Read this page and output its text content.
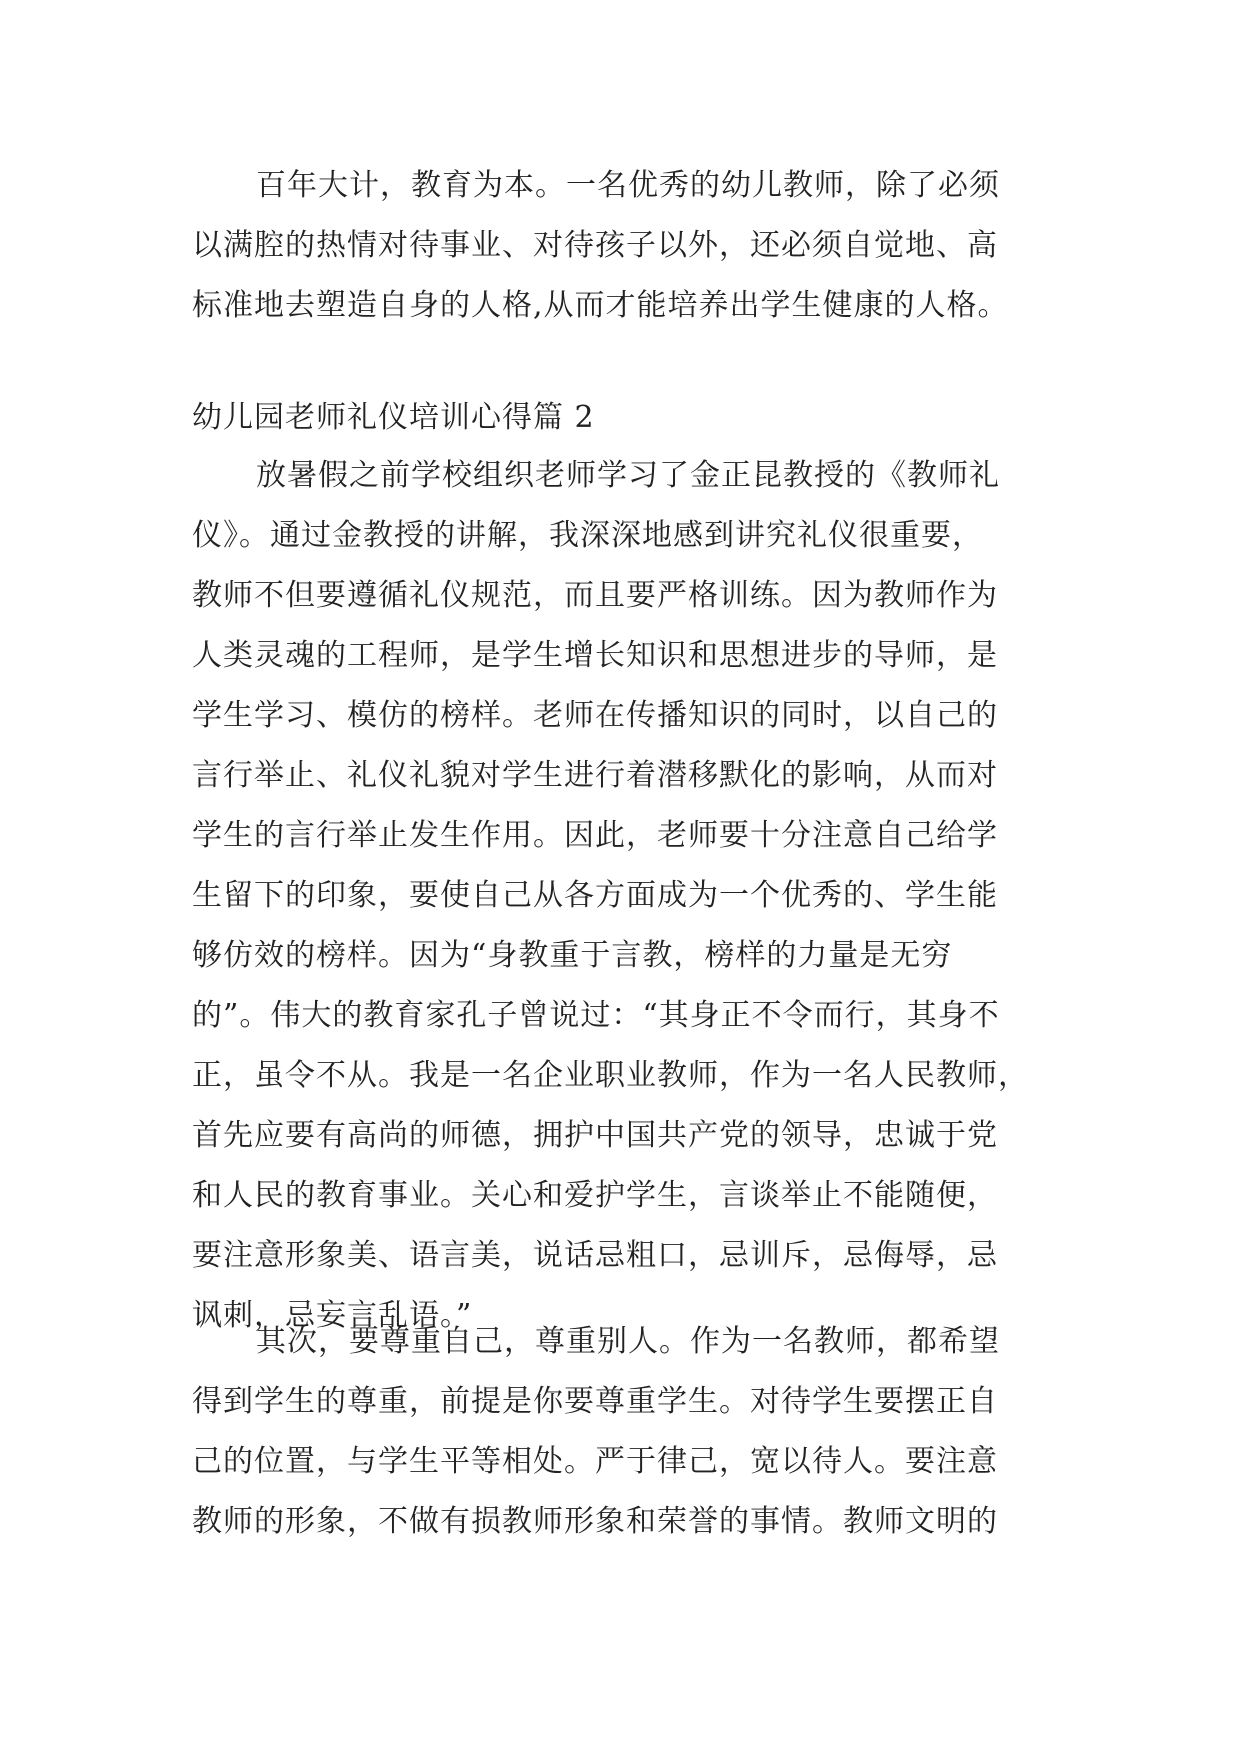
百年大计，教育为本。一名优秀的幼儿教师，除了必须
以满腔的热情对待事业、对待孩子以外，还必须自觉地、高
标准地去塑造自身的人格,从而才能培养出学生健康的人格。
幼儿园老师礼仪培训心得篇 2
放暑假之前学校组织老师学习了金正昆教授的《教师礼
仪》。通过金教授的讲解，我深深地感到讲究礼仪很重要，
教师不但要遵循礼仪规范，而且要严格训练。因为教师作为
人类灵魂的工程师，是学生增长知识和思想进步的导师，是
学生学习、模仿的榜样。老师在传播知识的同时，以自己的
言行举止、礼仪礼貌对学生进行着潜移默化的影响，从而对
学生的言行举止发生作用。因此，老师要十分注意自己给学
生留下的印象，要使自己从各方面成为一个优秀的、学生能
够仿效的榜样。因为“身教重于言教，榜样的力量是无穷
的”。伟大的教育家孔子曾说过：“其身正不令而行，其身不
正，虽令不从。我是一名企业职业教师，作为一名人民教师，
首先应要有高尚的师德，拥护中国共产党的领导，忠诚于党
和人民的教育事业。关心和爱护学生，言谈举止不能随便，
要注意形象美、语言美，说话忌粗口，忌训斥，忌侮辱，忌
讽刺，忌妄言乱语。”
其次，要尊重自己，尊重别人。作为一名教师，都希望
得到学生的尊重，前提是你要尊重学生。对待学生要摆正自
己的位置，与学生平等相处。严于律己，宽以待人。要注意
教师的形象，不做有损教师形象和荣誉的事情。教师文明的
